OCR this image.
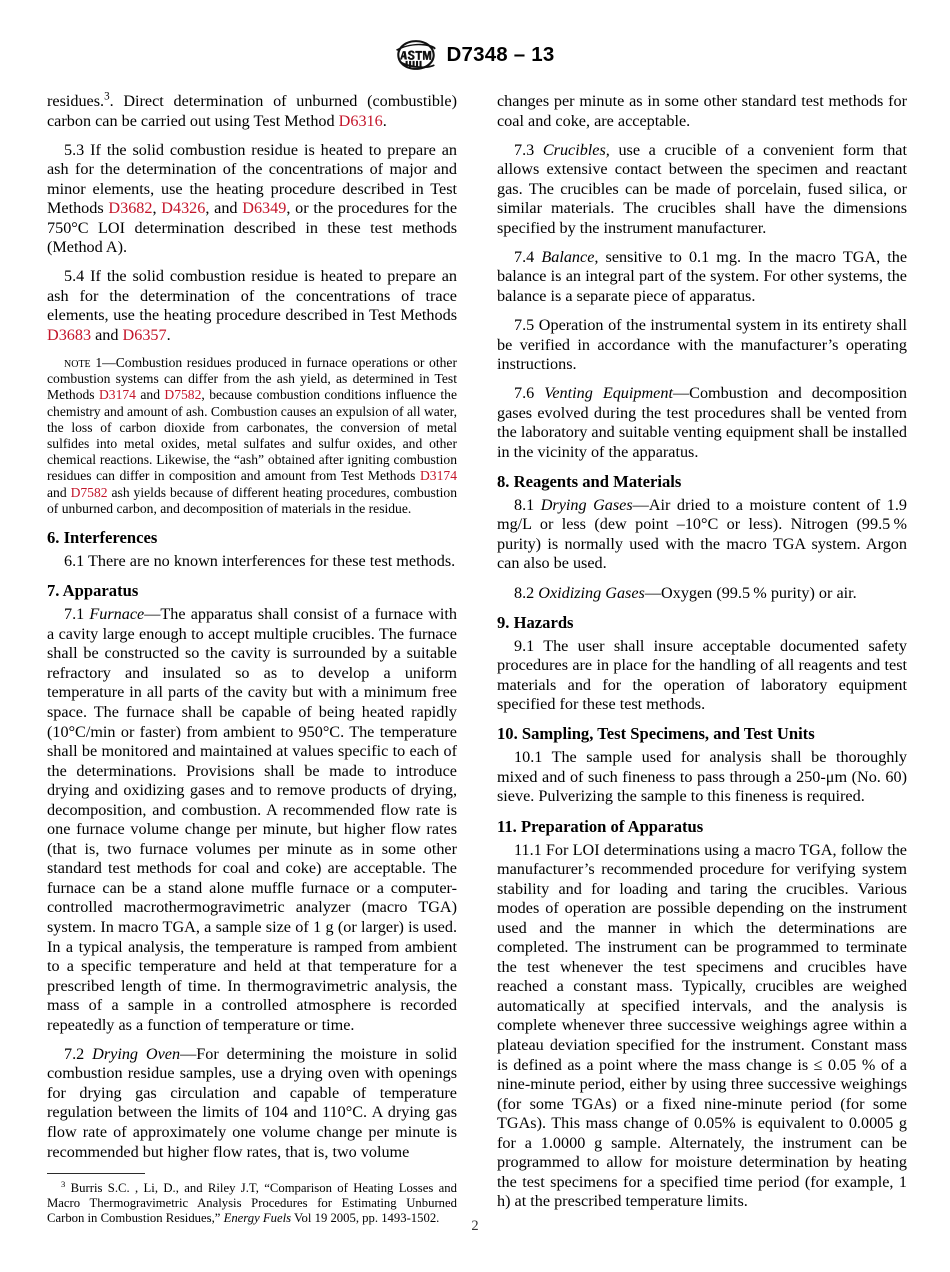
D7348 – 13

residues.$^3$. Direct determination of unburned (combustible) carbon can be carried out using Test Method D6316.

5.3 If the solid combustion residue is heated to prepare an ash for the determination of the concentrations of major and minor elements, use the heating procedure described in Test Methods D3682, D4326, and D6349, or the procedures for the 750°C LOI determination described in these test methods (Method A).

5.4 If the solid combustion residue is heated to prepare an ash for the determination of the concentrations of trace elements, use the heating procedure described in Test Methods D3683 and D6357.

note 1—Combustion residues produced in furnace operations or other combustion systems can differ from the ash yield, as determined in Test Methods D3174 and D7582, because combustion conditions influence the chemistry and amount of ash. Combustion causes an expulsion of all water, the loss of carbon dioxide from carbonates, the conversion of metal sulfides into metal oxides, metal sulfates and sulfur oxides, and other chemical reactions. Likewise, the “ash” obtained after igniting combustion residues can differ in composition and amount from Test Methods D3174 and D7582 ash yields because of different heating procedures, combustion of unburned carbon, and decomposition of materials in the residue.

6. Interferences

6.1 There are no known interferences for these test methods.

7. Apparatus

7.1 Furnace—The apparatus shall consist of a furnace with a cavity large enough to accept multiple crucibles. The furnace shall be constructed so the cavity is surrounded by a suitable refractory and insulated so as to develop a uniform temperature in all parts of the cavity but with a minimum free space. The furnace shall be capable of being heated rapidly (10°C/min or faster) from ambient to 950°C. The temperature shall be monitored and maintained at values specific to each of the determinations. Provisions shall be made to introduce drying and oxidizing gases and to remove products of drying, decomposition, and combustion. A recommended flow rate is one furnace volume change per minute, but higher flow rates (that is, two furnace volumes per minute as in some other standard test methods for coal and coke) are acceptable. The furnace can be a stand alone muffle furnace or a computer-controlled macrothermogravimetric analyzer (macro TGA) system. In macro TGA, a sample size of 1 g (or larger) is used. In a typical analysis, the temperature is ramped from ambient to a specific temperature and held at that temperature for a prescribed length of time. In thermogravimetric analysis, the mass of a sample in a controlled atmosphere is recorded repeatedly as a function of temperature or time.

7.2 Drying Oven—For determining the moisture in solid combustion residue samples, use a drying oven with openings for drying gas circulation and capable of temperature regulation between the limits of 104 and 110°C. A drying gas flow rate of approximately one volume change per minute is recommended but higher flow rates, that is, two volume

$^3$ Burris S.C. , Li, D., and Riley J.T, “Comparison of Heating Losses and Macro Thermogravimetric Analysis Procedures for Estimating Unburned Carbon in Combustion Residues,” Energy Fuels Vol 19 2005, pp. 1493-1502.

changes per minute as in some other standard test methods for coal and coke, are acceptable.

7.3 Crucibles, use a crucible of a convenient form that allows extensive contact between the specimen and reactant gas. The crucibles can be made of porcelain, fused silica, or similar materials. The crucibles shall have the dimensions specified by the instrument manufacturer.

7.4 Balance, sensitive to 0.1 mg. In the macro TGA, the balance is an integral part of the system. For other systems, the balance is a separate piece of apparatus.

7.5 Operation of the instrumental system in its entirety shall be verified in accordance with the manufacturer’s operating instructions.

7.6 Venting Equipment—Combustion and decomposition gases evolved during the test procedures shall be vented from the laboratory and suitable venting equipment shall be installed in the vicinity of the apparatus.

8. Reagents and Materials

8.1 Drying Gases—Air dried to a moisture content of 1.9 mg/L or less (dew point –10°C or less). Nitrogen (99.5 % purity) is normally used with the macro TGA system. Argon can also be used.

8.2 Oxidizing Gases—Oxygen (99.5 % purity) or air.

9. Hazards

9.1 The user shall insure acceptable documented safety procedures are in place for the handling of all reagents and test materials and for the operation of laboratory equipment specified for these test methods.

10. Sampling, Test Specimens, and Test Units

10.1 The sample used for analysis shall be thoroughly mixed and of such fineness to pass through a 250-μm (No. 60) sieve. Pulverizing the sample to this fineness is required.

11. Preparation of Apparatus

11.1 For LOI determinations using a macro TGA, follow the manufacturer’s recommended procedure for verifying system stability and for loading and taring the crucibles. Various modes of operation are possible depending on the instrument used and the manner in which the determinations are completed. The instrument can be programmed to terminate the test whenever the test specimens and crucibles have reached a constant mass. Typically, crucibles are weighed automatically at specified intervals, and the analysis is complete whenever three successive weighings agree within a plateau deviation specified for the instrument. Constant mass is defined as a point where the mass change is ≤ 0.05 % of a nine-minute period, either by using three successive weighings (for some TGAs) or a fixed nine-minute period (for some TGAs). This mass change of 0.05% is equivalent to 0.0005 g for a 1.0000 g sample. Alternately, the instrument can be programmed to allow for moisture determination by heating the test specimens for a specified time period (for example, 1 h) at the prescribed temperature limits.

2
